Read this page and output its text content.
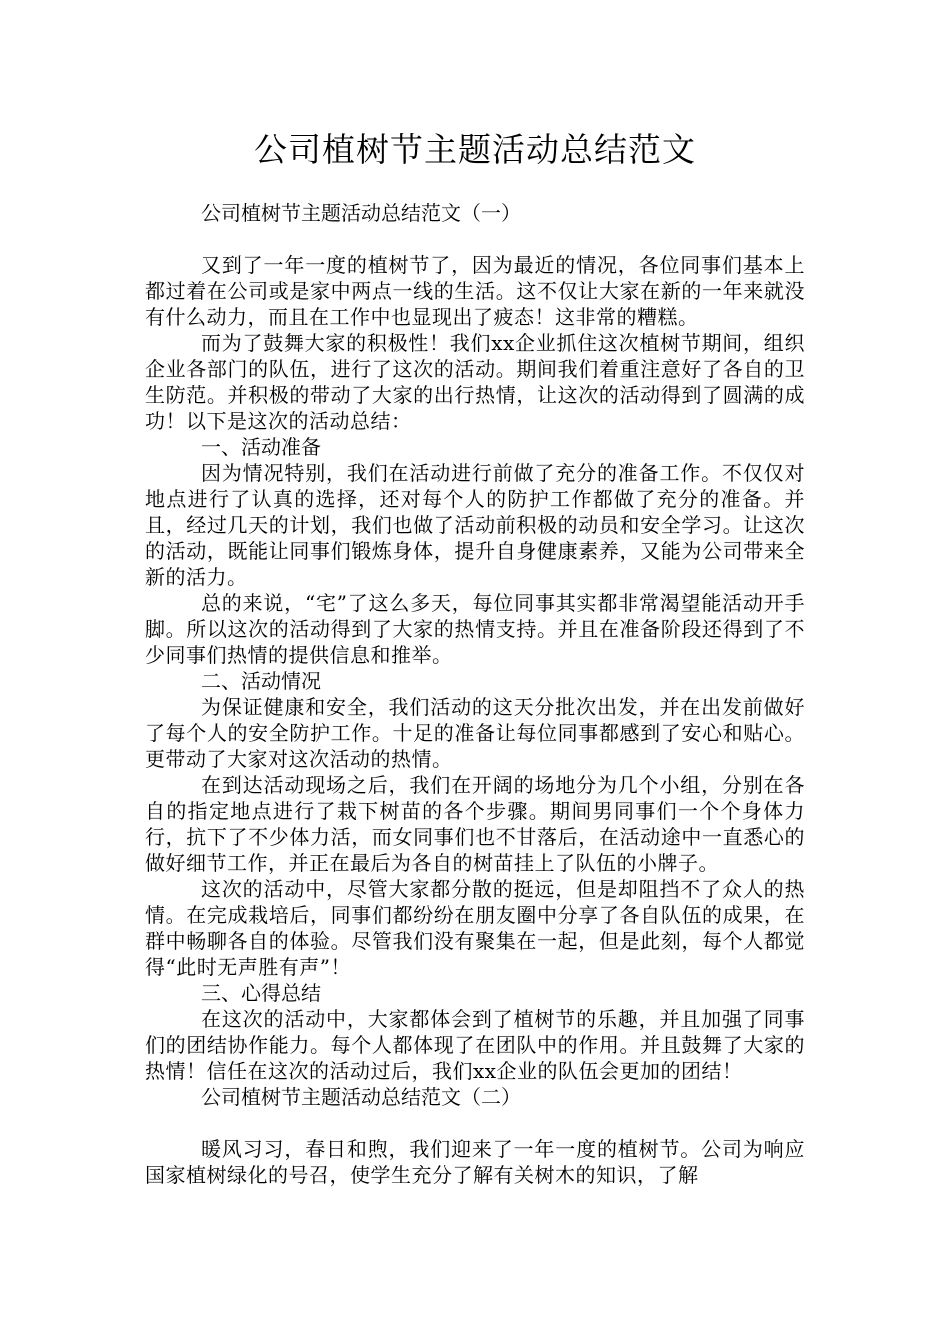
公司植树节主题活动总结范文

公司植树节主题活动总结范文（一）

又到了一年一度的植树节了，因为最近的情况，各位同事们基本上都过着在公司或是家中两点一线的生活。这不仅让大家在新的一年来就没有什么动力，而且在工作中也显现出了疲态！这非常的糟糕。

而为了鼓舞大家的积极性！我们xx企业抓住这次植树节期间，组织企业各部门的队伍，进行了这次的活动。期间我们着重注意好了各自的卫生防范。并积极的带动了大家的出行热情，让这次的活动得到了圆满的成功！以下是这次的活动总结：

一、活动准备

因为情况特别，我们在活动进行前做了充分的准备工作。不仅仅对地点进行了认真的选择，还对每个人的防护工作都做了充分的准备。并且，经过几天的计划，我们也做了活动前积极的动员和安全学习。让这次的活动，既能让同事们锻炼身体，提升自身健康素养，又能为公司带来全新的活力。

总的来说，“宅”了这么多天，每位同事其实都非常渴望能活动开手脚。所以这次的活动得到了大家的热情支持。并且在准备阶段还得到了不少同事们热情的提供信息和推举。

二、活动情况

为保证健康和安全，我们活动的这天分批次出发，并在出发前做好了每个人的安全防护工作。十足的准备让每位同事都感到了安心和贴心。更带动了大家对这次活动的热情。

在到达活动现场之后，我们在开阔的场地分为几个小组，分别在各自的指定地点进行了栽下树苗的各个步骤。期间男同事们一个个身体力行，抗下了不少体力活，而女同事们也不甘落后，在活动途中一直悉心的做好细节工作，并正在最后为各自的树苗挂上了队伍的小牌子。

这次的活动中，尽管大家都分散的挺远，但是却阻挡不了众人的热情。在完成栽培后，同事们都纷纷在朋友圈中分享了各自队伍的成果，在群中畅聊各自的体验。尽管我们没有聚集在一起，但是此刻，每个人都觉得“此时无声胜有声”！

三、心得总结

在这次的活动中，大家都体会到了植树节的乐趣，并且加强了同事们的团结协作能力。每个人都体现了在团队中的作用。并且鼓舞了大家的热情！信任在这次的活动过后，我们xx企业的队伍会更加的团结！

公司植树节主题活动总结范文（二）

暖风习习，春日和煦，我们迎来了一年一度的植树节。公司为响应国家植树绿化的号召，使学生充分了解有关树木的知识，了解
